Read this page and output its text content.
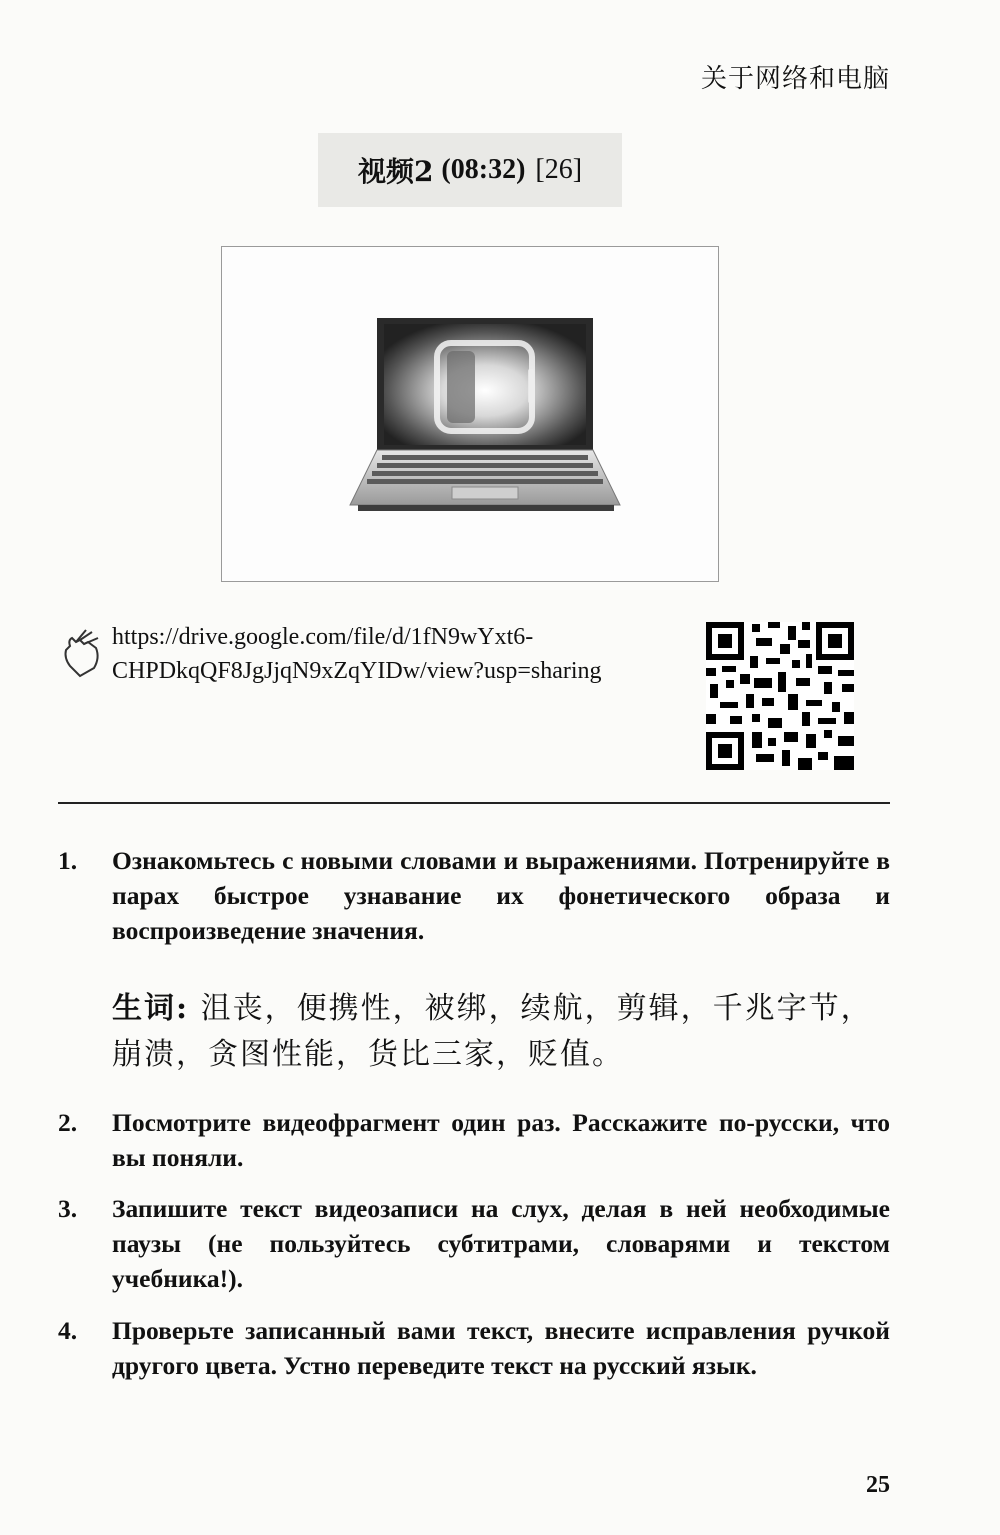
关于网络和电脑
视频2 (08:32) [26]
https://drive.google.com/file/d/1fN9wYxt6-
CHPDkqQF8JgJjqN9xZqYIDw/view?usp=sharing
1.	Ознакомьтесь с новыми словами и выражениями. Потренируйте в парах быстрое узнавание их фонетического образа и воспроизведение значения.
生词: 沮丧，便携性，被绑，续航，剪辑，千兆字节，崩溃，贪图性能，货比三家，贬值。
2.	Посмотрите видеофрагмент один раз. Расскажите по-русски, что вы поняли.
3.	Запишите текст видеозаписи на слух, делая в ней необходимые паузы (не пользуйтесь субтитрами, словарями и текстом учебника!).
4.	Проверьте записанный вами текст, внесите исправления ручкой другого цвета. Устно переведите текст на русский язык.
25
